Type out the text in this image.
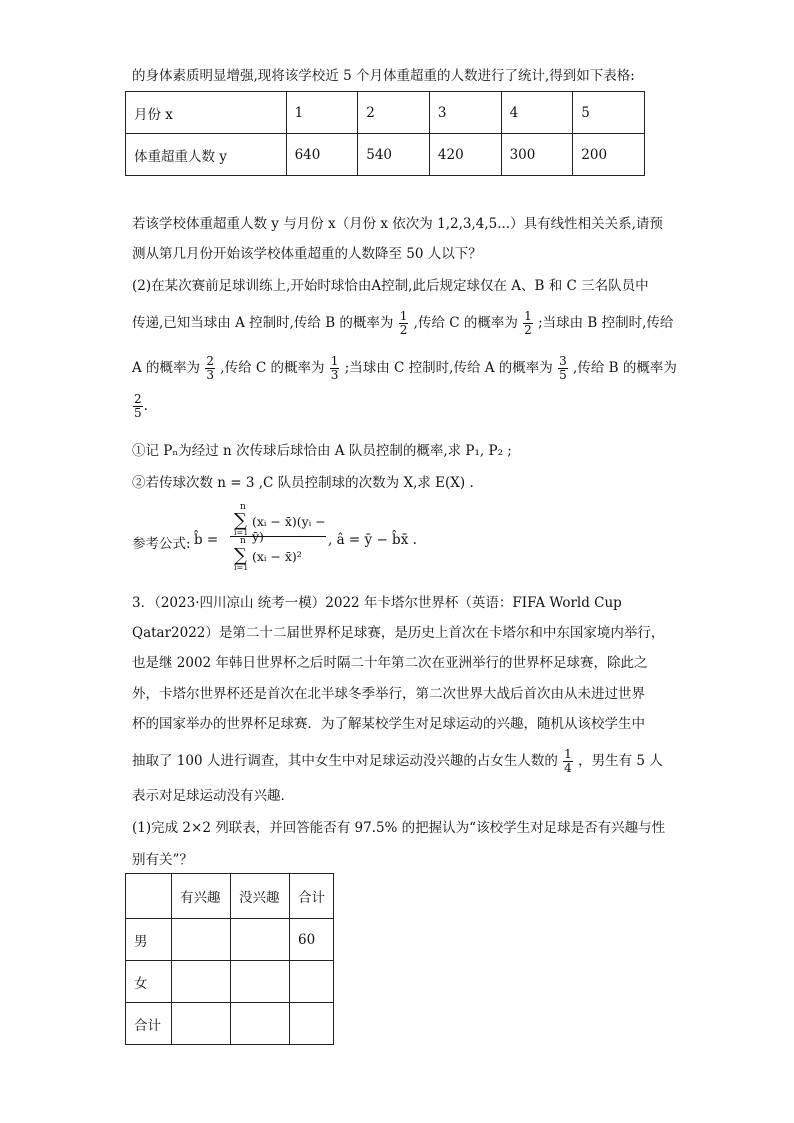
的身体素质明显增强,现将该学校近 5 个月体重超重的人数进行了统计,得到如下表格:
月份 x	1	2	3	4	5
体重超重人数 y	640	540	420	300	200
若该学校体重超重人数 y 与月份 x（月份 x 依次为 1,2,3,4,5...）具有线性相关关系,请预
测从第几月份开始该学校体重超重的人数降至 50 人以下？
(2)在某次赛前足球训练上,开始时球恰由A控制,此后规定球仅在 A、B 和 C 三名队员中
传递,已知当球由 A 控制时,传给 B 的概率为 $\frac{1}{2}$ ,传给 C 的概率为 $\frac{1}{2}$ ;当球由 B 控制时,传给
A 的概率为 $\frac{2}{3}$ ,传给 C 的概率为 $\frac{1}{3}$ ;当球由 C 控制时,传给 A 的概率为 $\frac{3}{5}$ ,传给 B 的概率为
$\frac{2}{5}$ .
①记 Pₙ为经过 n 次传球后球恰由 A 队员控制的概率,求 P₁, P₂ ;
②若传球次数 n = 3 ,C 队员控制球的次数为 X,求 E(X) .
参考公式: b̂ =
n
∑
i=1
(xᵢ − x̄)(yᵢ − ȳ)
n
∑
i=1
(xᵢ − x̄)²
, â = ȳ − b̂x̄ .
3．（2023·四川凉山 统考一模）2022 年卡塔尔世界杯（英语：FIFA World Cup
Qatar2022）是第二十二届世界杯足球赛，是历史上首次在卡塔尔和中东国家境内举行，
也是继 2002 年韩日世界杯之后时隔二十年第二次在亚洲举行的世界杯足球赛，除此之
外，卡塔尔世界杯还是首次在北半球冬季举行，第二次世界大战后首次由从未进过世界
杯的国家举办的世界杯足球赛．为了解某校学生对足球运动的兴趣，随机从该校学生中
抽取了 100 人进行调查，其中女生中对足球运动没兴趣的占女生人数的 $\frac{1}{4}$ ，男生有 5 人
表示对足球运动没有兴趣．
(1)完成 2×2 列联表，并回答能否有 97.5% 的把握认为“该校学生对足球是否有兴趣与性
别有关”？
	有兴趣	没兴趣	合计
男			60
女			
合计			
